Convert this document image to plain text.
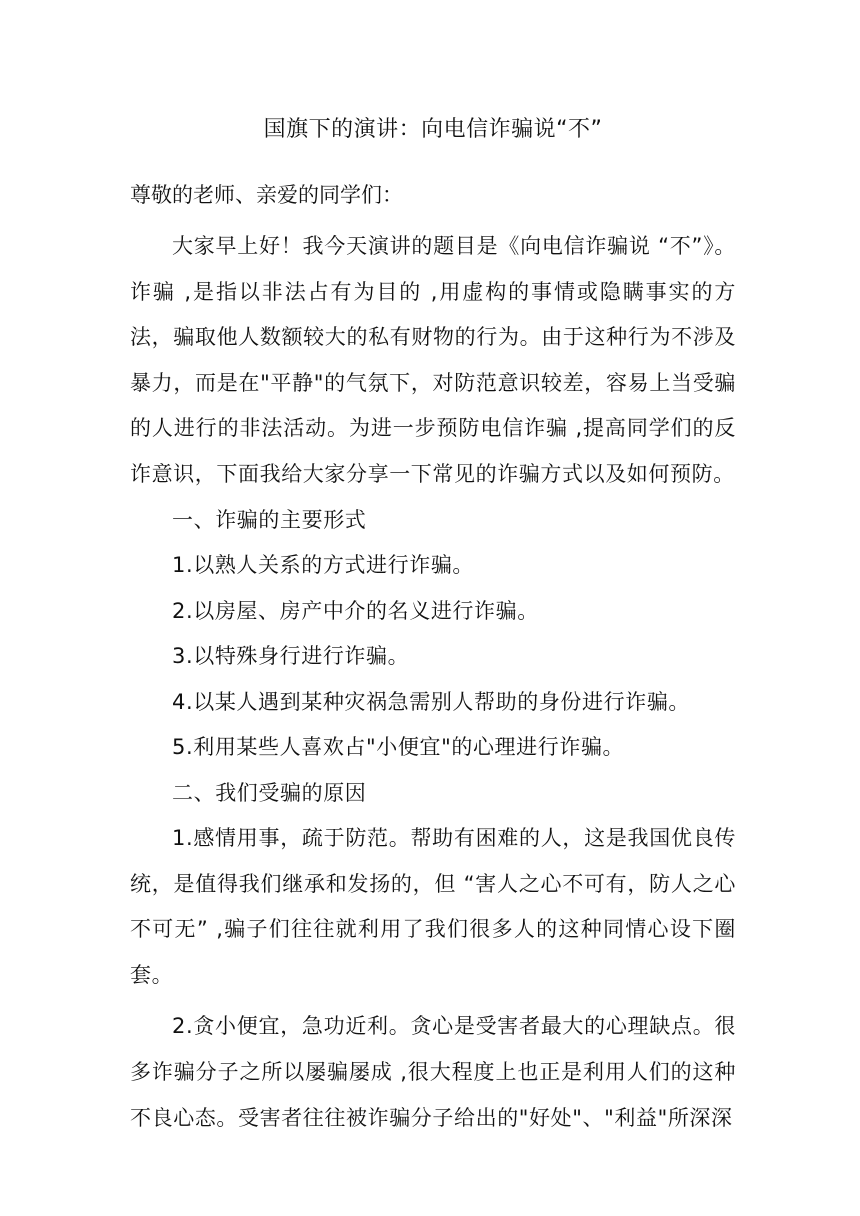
国旗下的演讲：向电信诈骗说“不”

尊敬的老师、亲爱的同学们：

大家早上好！我今天演讲的题目是《向电信诈骗说 “不”》。诈骗 ,是指以非法占有为目的 ,用虚构的事情或隐瞒事实的方法，骗取他人数额较大的私有财物的行为。由于这种行为不涉及暴力，而是在"平静"的气氛下，对防范意识较差，容易上当受骗的人进行的非法活动。为进一步预防电信诈骗 ,提高同学们的反诈意识，下面我给大家分享一下常见的诈骗方式以及如何预防。

一、诈骗的主要形式

1.以熟人关系的方式进行诈骗。

2.以房屋、房产中介的名义进行诈骗。

3.以特殊身行进行诈骗。

4.以某人遇到某种灾祸急需别人帮助的身份进行诈骗。

5.利用某些人喜欢占"小便宜"的心理进行诈骗。

二、我们受骗的原因

1.感情用事，疏于防范。帮助有困难的人，这是我国优良传统，是值得我们继承和发扬的，但 “害人之心不可有，防人之心不可无” ,骗子们往往就利用了我们很多人的这种同情心设下圈套。

2.贪小便宜，急功近利。贪心是受害者最大的心理缺点。很多诈骗分子之所以屡骗屡成 ,很大程度上也正是利用人们的这种不良心态。受害者往往被诈骗分子给出的"好处"、"利益"所深深
